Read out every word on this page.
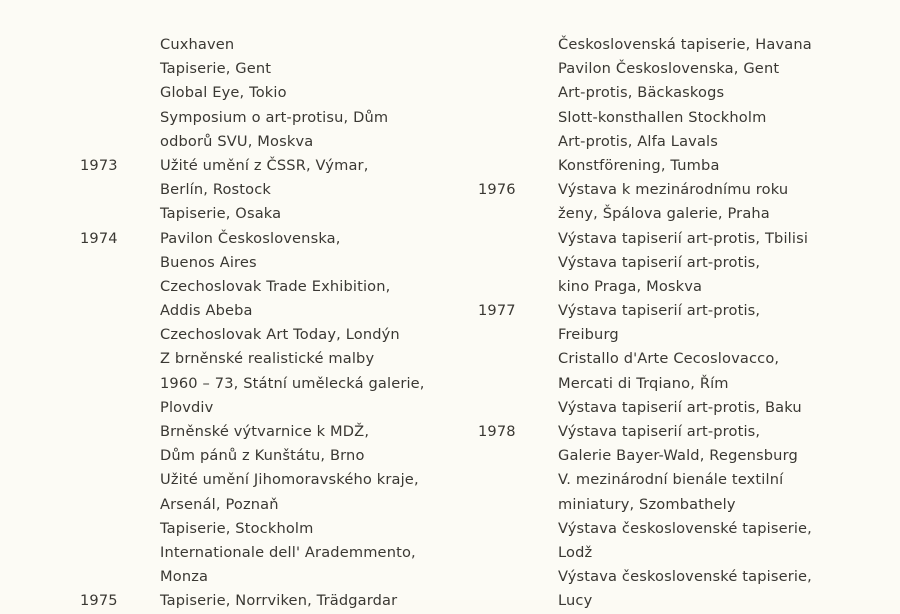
Cuxhaven
Tapiserie, Gent
Global Eye, Tokio
Symposium o art-protisu, Dům
odborů SVU, Moskva
1973	Užité umění z ČSSR, Výmar,
Berlín, Rostock
Tapiserie, Osaka
1974	Pavilon Československa,
Buenos Aires
Czechoslovak Trade Exhibition,
Addis Abeba
Czechoslovak Art Today, Londýn
Z brněnské realistické malby
1960 – 73, Státní umělecká galerie,
Plovdiv
Brněnské výtvarnice k MDŽ,
Dům pánů z Kunštátu, Brno
Užité umění Jihomoravského kraje,
Arsenál, Poznaň
Tapiserie, Stockholm
Internationale dell' Arademmento,
Monza
1975	Tapiserie, Norrviken, Trädgardar
Československá tapiserie, Havana
Pavilon Československa, Gent
Art-protis, Bäckaskogs
Slott-konsthallen Stockholm
Art-protis, Alfa Lavals
Konstförening, Tumba
1976	Výstava k mezinárodnímu roku
ženy, Špálova galerie, Praha
Výstava tapiserií art-protis, Tbilisi
Výstava tapiserií art-protis,
kino Praga, Moskva
1977	Výstava tapiserií art-protis,
Freiburg
Cristallo d'Arte Cecoslovacco,
Mercati di Trqiano, Řím
Výstava tapiserií art-protis, Baku
1978	Výstava tapiserií art-protis,
Galerie Bayer-Wald, Regensburg
V. mezinárodní bienále textilní
miniatury, Szombathely
Výstava československé tapiserie,
Lodž
Výstava československé tapiserie,
Lucy
